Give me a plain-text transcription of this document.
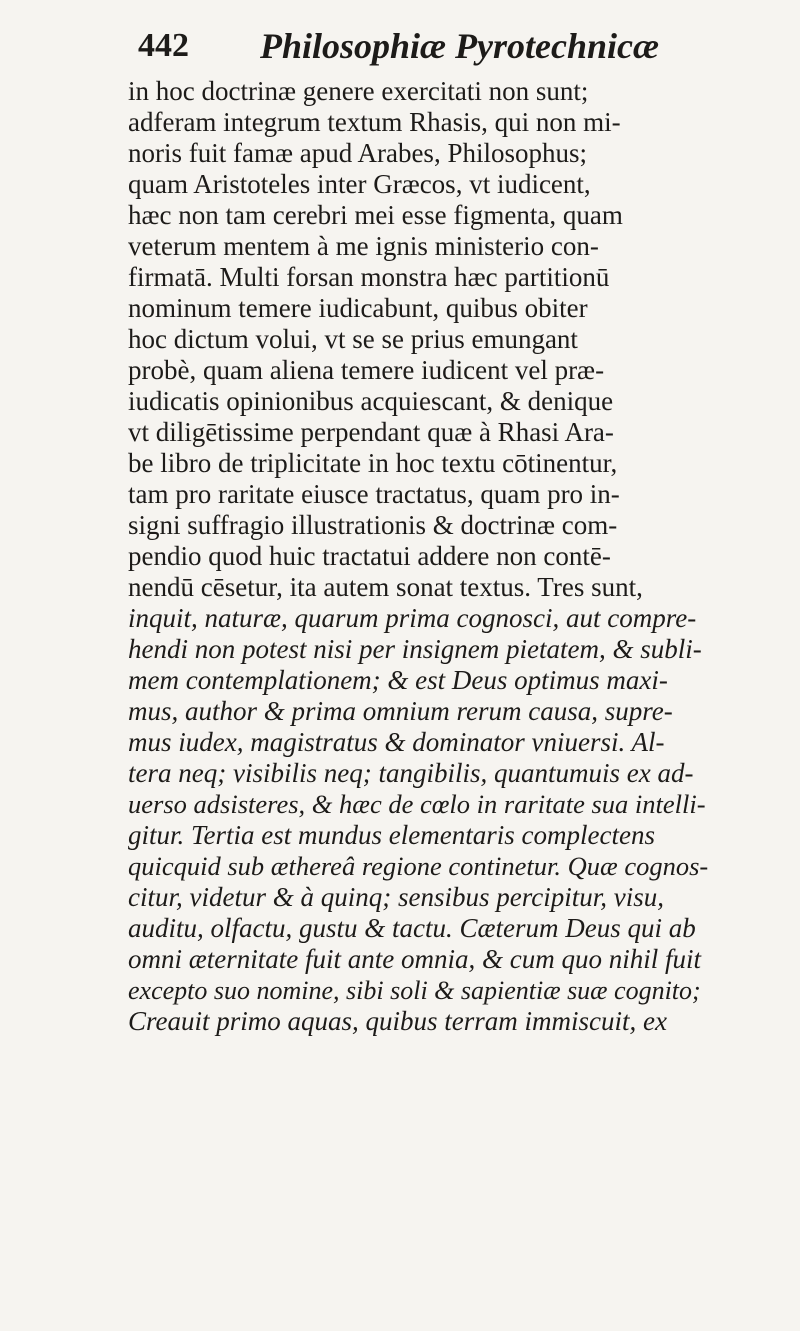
442 Philosophiæ Pyrotechnicæ
in hoc doctrinæ genere exercitati non sunt;
adferam integrum textum Rhasis, qui non mi-
noris fuit famæ apud Arabes, Philosophus;
quam Aristoteles inter Græcos, vt iudicent,
hæc non tam cerebri mei esse figmenta, quam
veterum mentem à me ignis ministerio con-
firmatā. Multi forsan monstra hæc partitionū
nominum temere iudicabunt, quibus obiter
hoc dictum volui, vt se se prius emungant
probè, quam aliena temere iudicent vel præ-
iudicatis opinionibus acquiescant, & denique
vt diligētissime perpendant quæ à Rhasi Ara-
be libro de triplicitate in hoc textu cōtinentur,
tam pro raritate eiusce tractatus, quam pro in-
signi suffragio illustrationis & doctrinæ com-
pendio quod huic tractatui addere non contē-
nendū cēsetur, ita autem sonat textus. Tres sunt,
inquit, naturæ, quarum prima cognosci, aut compre-
hendi non potest nisi per insignem pietatem, & subli-
mem contemplationem; & est Deus optimus maxi-
mus, author & prima omnium rerum causa, supre-
mus iudex, magistratus & dominator vniuersi. Al-
tera neq; visibilis neq; tangibilis, quantumuis ex ad-
uerso adsisteres, & hæc de cœlo in raritate sua intelli-
gitur. Tertia est mundus elementaris complectens
quicquid sub æthereâ regione continetur. Quæ cognos-
citur, videtur & à quinq; sensibus percipitur, visu,
auditu, olfactu, gustu & tactu. Cæterum Deus qui ab
omni æternitate fuit ante omnia, & cum quo nihil fuit
excepto suo nomine, sibi soli & sapientiæ suæ cognito;
Creauit primo aquas, quibus terram immiscuit, ex
